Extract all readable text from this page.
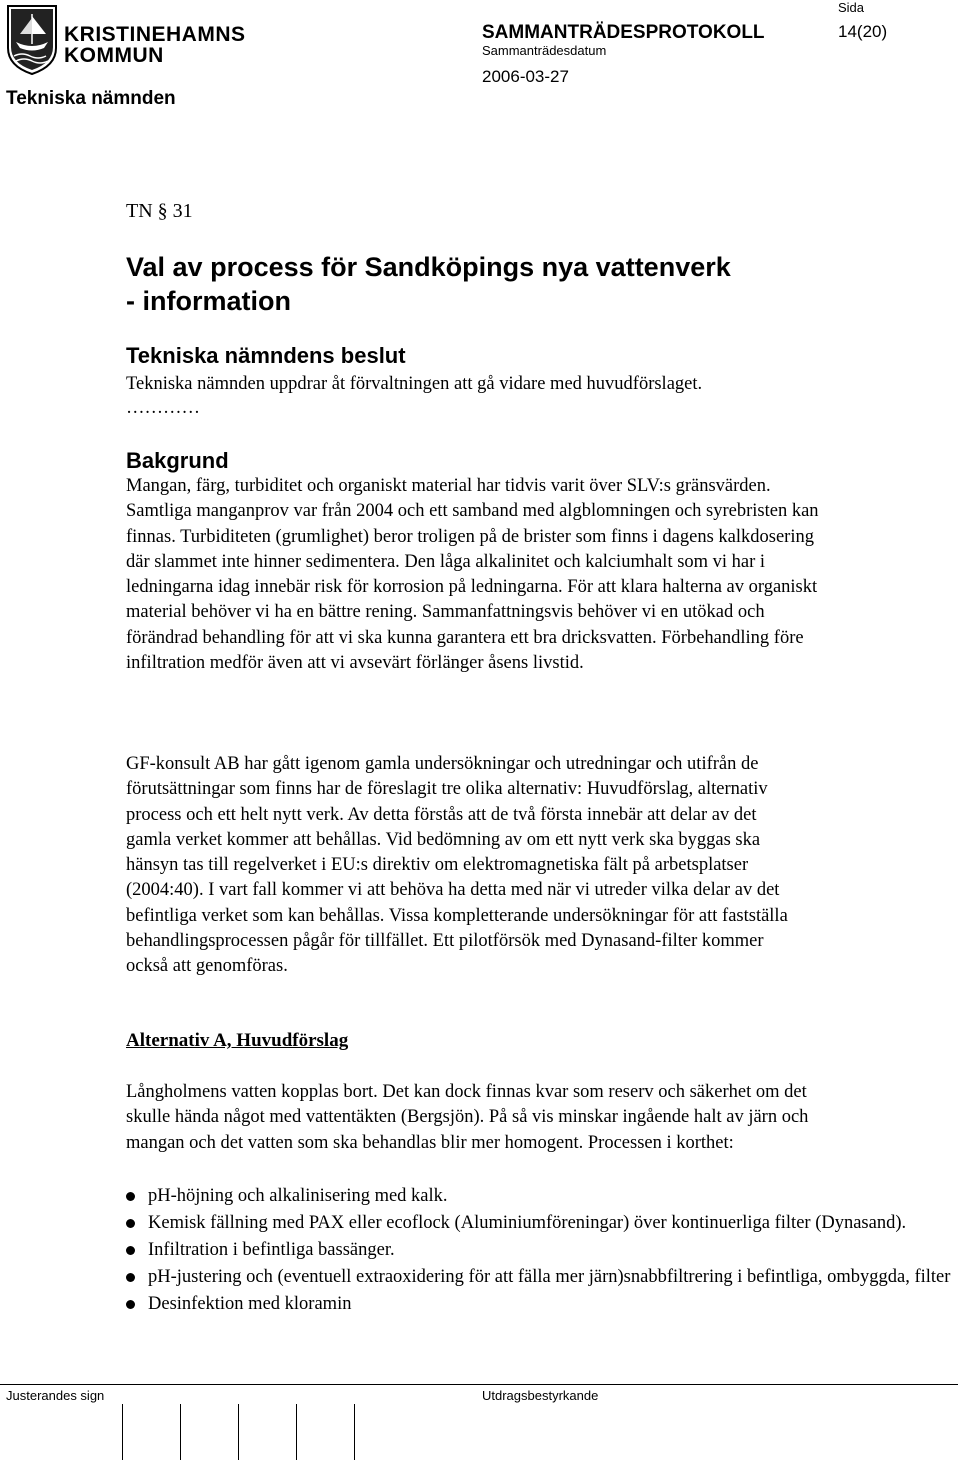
KRISTINEHAMNS
KOMMUN
Tekniska nämnden
SAMMANTRÄDESPROTOKOLL
Sammanträdesdatum
2006-03-27
Sida
14(20)
TN § 31
Val av process för Sandköpings nya vattenverk
- information
Tekniska nämndens beslut
Tekniska nämnden uppdrar åt förvaltningen att gå vidare med huvudförslaget.
…………
Bakgrund
Mangan, färg, turbiditet och organiskt material har tidvis varit över SLV:s gränsvärden. Samtliga manganprov var från 2004 och ett samband med algblomningen och syrebristen kan finnas. Turbiditeten (grumlighet) beror troligen på de brister som finns i dagens kalkdosering där slammet inte hinner sedimentera. Den låga alkalinitet och kalciumhalt som vi har i ledningarna idag innebär risk för korrosion på ledningarna. För att klara halterna av organiskt material behöver vi ha en bättre rening. Sammanfattningsvis behöver vi en utökad och förändrad behandling för att vi ska kunna garantera ett bra dricksvatten. Förbehandling före infiltration medför även att vi avsevärt förlänger åsens livstid.
GF-konsult AB har gått igenom gamla undersökningar och utredningar och utifrån de förutsättningar som finns har de föreslagit tre olika alternativ: Huvudförslag, alternativ process och ett helt nytt verk. Av detta förstås att de två första innebär att delar av det gamla verket kommer att behållas. Vid bedömning av om ett nytt verk ska byggas ska hänsyn tas till regelverket i EU:s direktiv om elektromagnetiska fält på arbetsplatser (2004:40). I vart fall kommer vi att behöva ha detta med när vi utreder vilka delar av det befintliga verket som kan behållas. Vissa kompletterande undersökningar för att fastställa behandlingsprocessen pågår för tillfället. Ett pilotförsök med Dynasand-filter kommer också att genomföras.
Alternativ A, Huvudförslag
Långholmens vatten kopplas bort. Det kan dock finnas kvar som reserv och säkerhet om det skulle hända något med vattentäkten (Bergsjön). På så vis minskar ingående halt av järn och mangan och det vatten som ska behandlas blir mer homogent. Processen i korthet:
pH-höjning och alkalinisering med kalk.
Kemisk fällning med PAX eller ecoflock (Aluminiumföreningar) över kontinuerliga filter (Dynasand).
Infiltration i befintliga bassänger.
pH-justering och (eventuell extraoxidering för att fälla mer järn)snabbfiltrering i befintliga, ombyggda, filter
Desinfektion med kloramin
Justerandes sign	Utdragsbestyrkande
